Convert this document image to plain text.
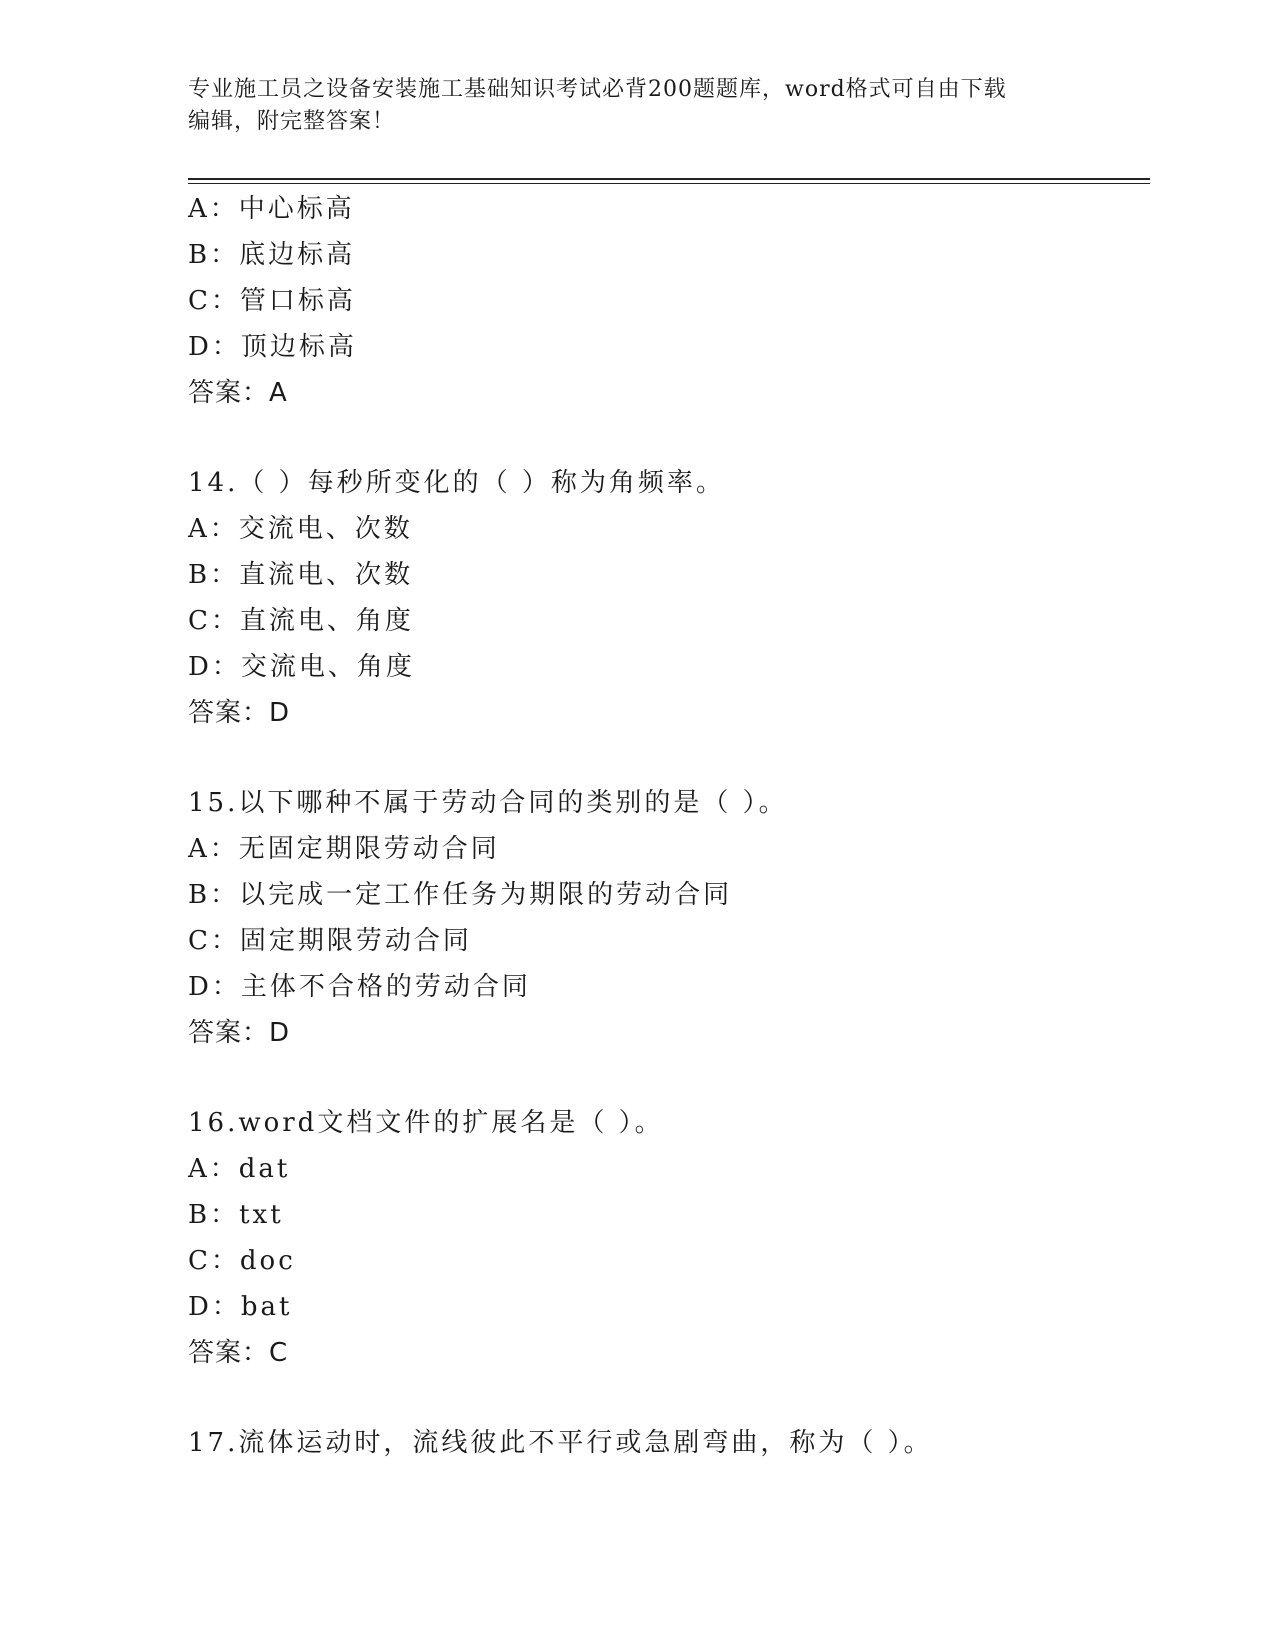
专业施工员之设备安装施工基础知识考试必背200题题库，word格式可自由下载
编辑，附完整答案！
A：中心标高
B：底边标高
C：管口标高
D：顶边标高
答案：A
14.（ ）每秒所变化的（ ）称为角频率。
A：交流电、次数
B：直流电、次数
C：直流电、角度
D：交流电、角度
答案：D
15.以下哪种不属于劳动合同的类别的是（ ）。
A：无固定期限劳动合同
B：以完成一定工作任务为期限的劳动合同
C：固定期限劳动合同
D：主体不合格的劳动合同
答案：D
16.word文档文件的扩展名是（ ）。
A：dat
B：txt
C：doc
D：bat
答案：C
17.流体运动时，流线彼此不平行或急剧弯曲，称为（ ）。
